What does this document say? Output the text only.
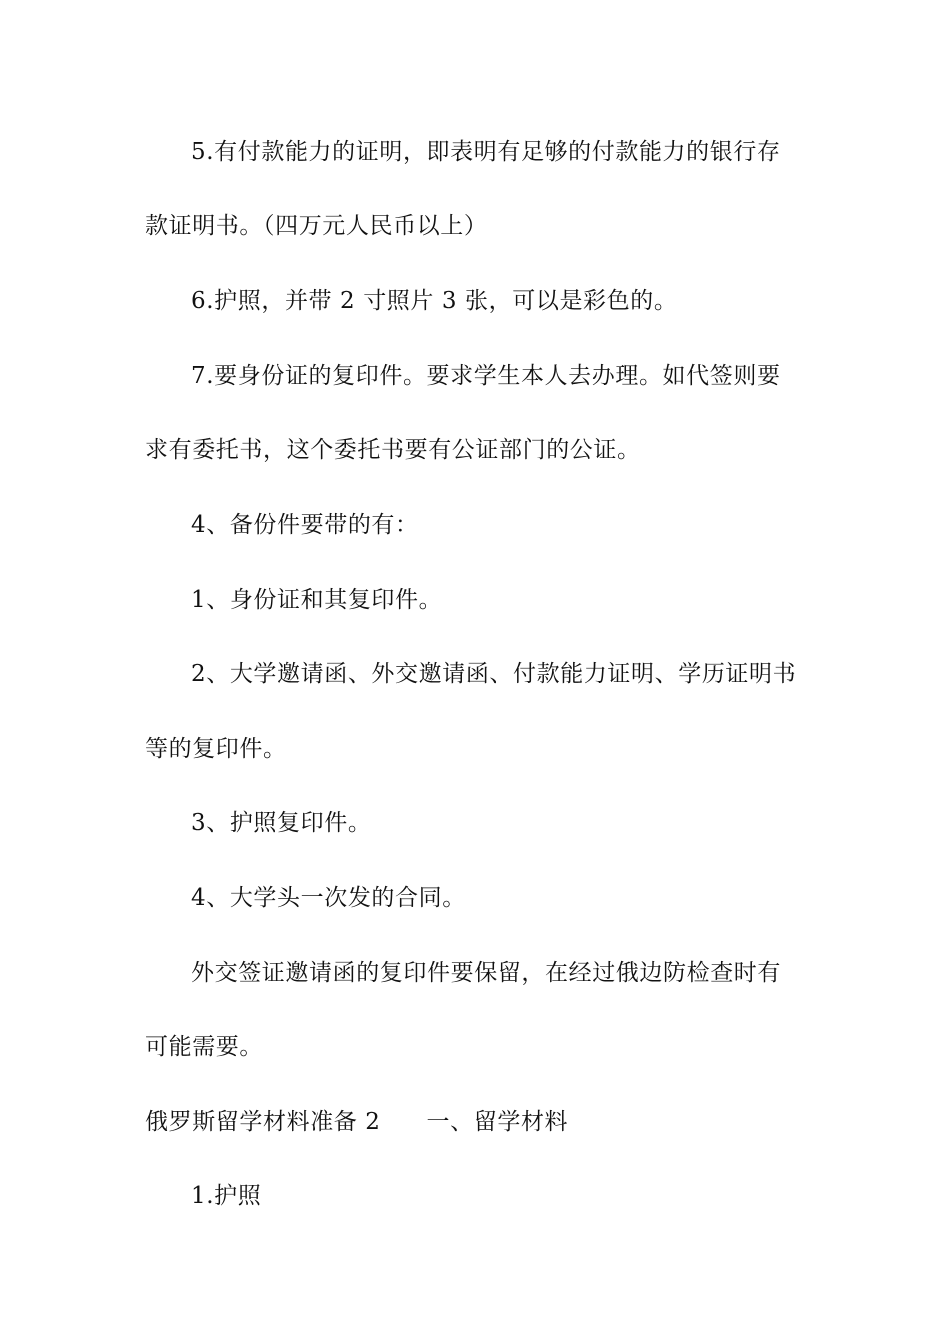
5.有付款能力的证明，即表明有足够的付款能力的银行存

款证明书。（四万元人民币以上）

6.护照，并带 2 寸照片 3 张，可以是彩色的。

7.要身份证的复印件。要求学生本人去办理。如代签则要

求有委托书，这个委托书要有公证部门的公证。

4、备份件要带的有：

1、身份证和其复印件。

2、大学邀请函、外交邀请函、付款能力证明、学历证明书

等的复印件。

3、护照复印件。

4、大学头一次发的合同。

外交签证邀请函的复印件要保留，在经过俄边防检查时有

可能需要。

俄罗斯留学材料准备 2 一、留学材料

1.护照
